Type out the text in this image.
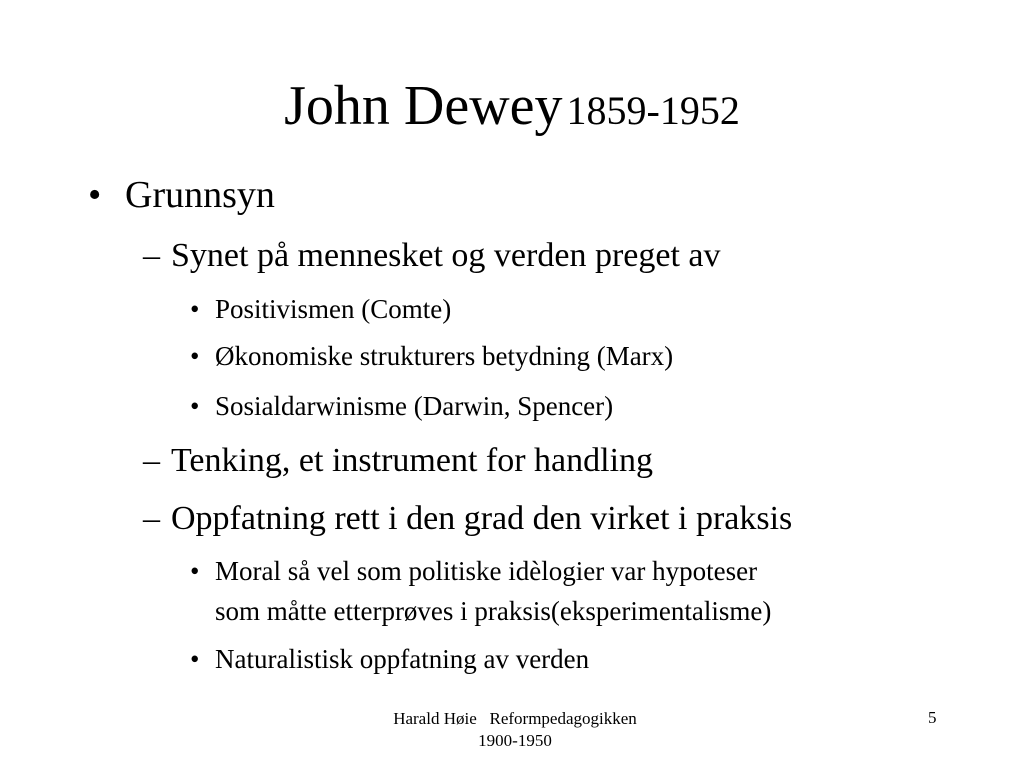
John Dewey 1859-1952
• Grunnsyn
– Synet på mennesket og verden preget av
• Positivismen (Comte)
• Økonomiske strukturers betydning (Marx)
• Sosialdarwinisme (Darwin, Spencer)
– Tenking, et instrument for handling
– Oppfatning rett i den grad den virket i praksis
• Moral så vel som politiske idèlogier var hypoteser
som måtte etterprøves i praksis(eksperimentalisme)
• Naturalistisk oppfatning av verden
Harald Høie   Reformpedagogikken
1900-1950
5
